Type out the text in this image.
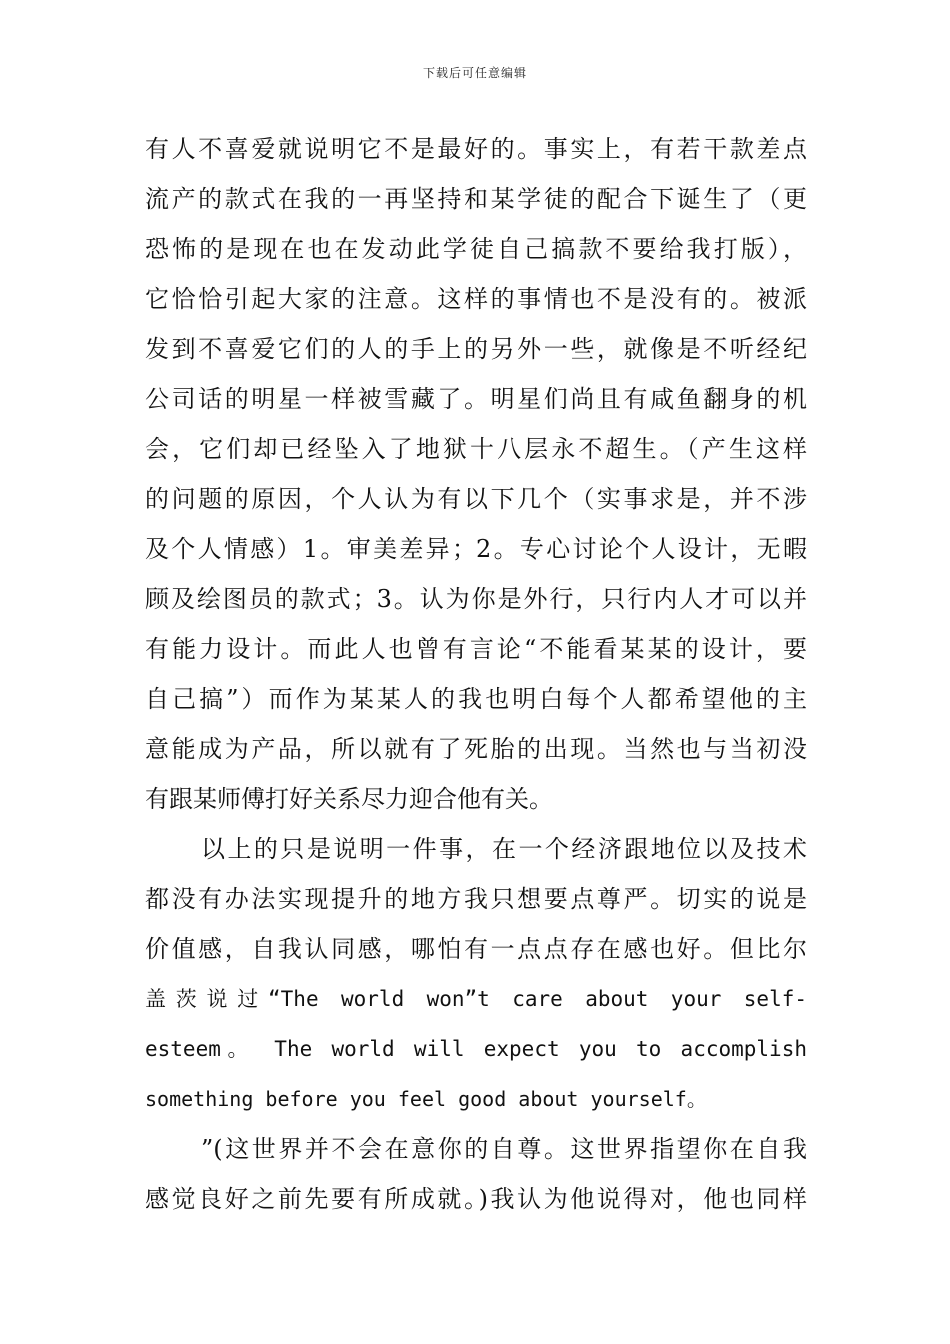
下载后可任意编辑

有人不喜爱就说明它不是最好的。事实上，有若干款差点
流产的款式在我的一再坚持和某学徒的配合下诞生了（更
恐怖的是现在也在发动此学徒自己搞款不要给我打版），
它恰恰引起大家的注意。这样的事情也不是没有的。被派
发到不喜爱它们的人的手上的另外一些，就像是不听经纪
公司话的明星一样被雪藏了。明星们尚且有咸鱼翻身的机
会，它们却已经坠入了地狱十八层永不超生。（产生这样
的问题的原因，个人认为有以下几个（实事求是，并不涉
及个人情感）1。审美差异；2。专心讨论个人设计，无暇
顾及绘图员的款式；3。认为你是外行，只行内人才可以并
有能力设计。而此人也曾有言论“不能看某某的设计，要
自己搞”）而作为某某人的我也明白每个人都希望他的主
意能成为产品，所以就有了死胎的出现。当然也与当初没
有跟某师傅打好关系尽力迎合他有关。

以上的只是说明一件事，在一个经济跟地位以及技术
都没有办法实现提升的地方我只想要点尊严。切实的说是
价值感，自我认同感，哪怕有一点点存在感也好。但比尔
盖茨说过“The world won”t care about your self-
esteem。 The world will expect you to accomplish
something before you feel good about yourself。

”(这世界并不会在意你的自尊。这世界指望你在自我
感觉良好之前先要有所成就。)我认为他说得对，他也同样
